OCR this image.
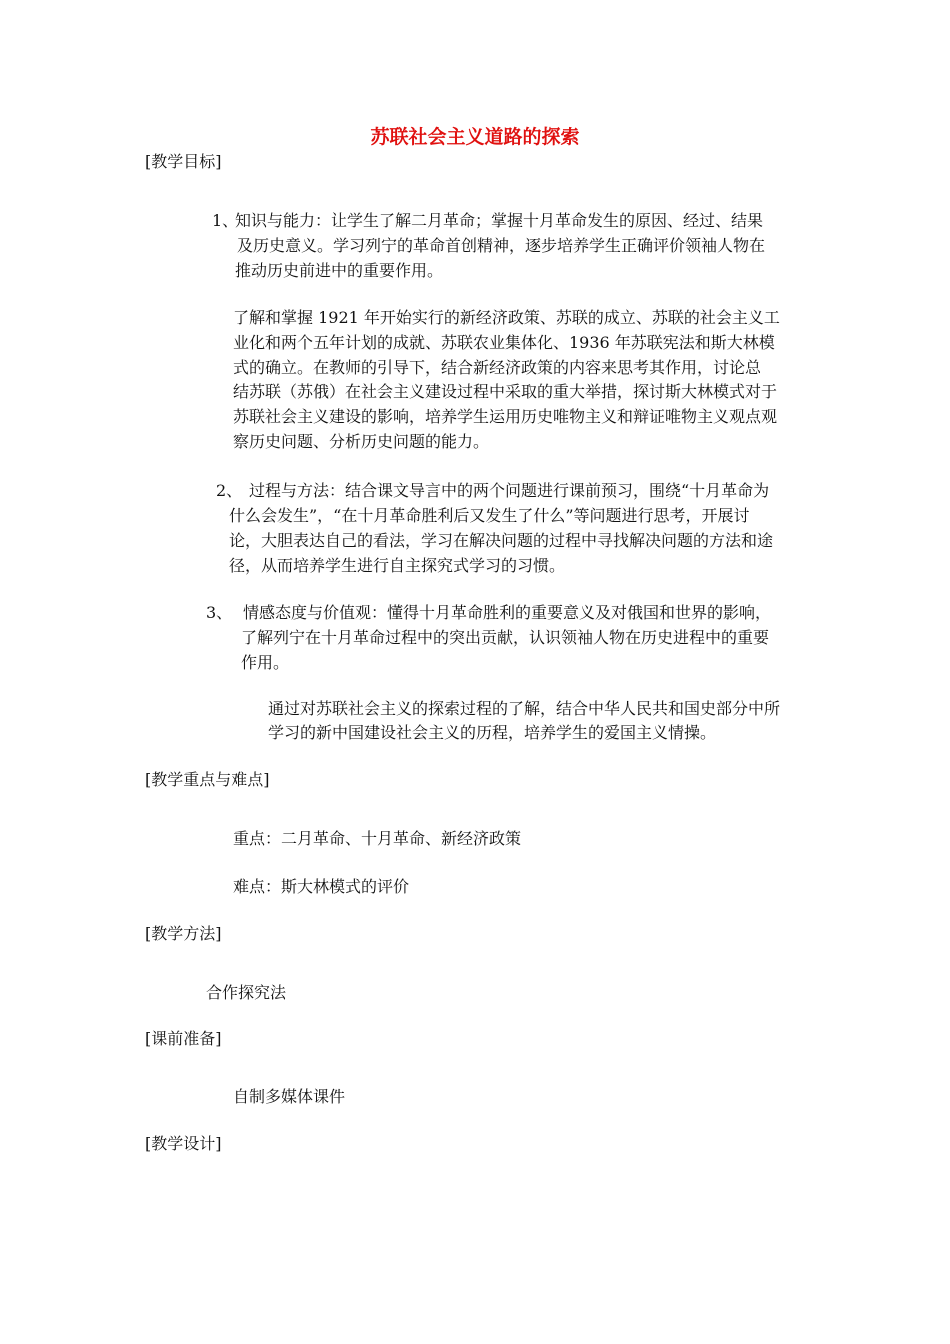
苏联社会主义道路的探索
[教学目标]
1、
知识与能力：让学生了解二月革命；掌握十月革命发生的原因、经过、结果
及历史意义。学习列宁的革命首创精神，逐步培养学生正确评价领袖人物在
推动历史前进中的重要作用。
了解和掌握 1921 年开始实行的新经济政策、苏联的成立、苏联的社会主义工
业化和两个五年计划的成就、苏联农业集体化、1936 年苏联宪法和斯大林模
式的确立。在教师的引导下，结合新经济政策的内容来思考其作用，讨论总
结苏联（苏俄）在社会主义建设过程中采取的重大举措，探讨斯大林模式对于
苏联社会主义建设的影响，培养学生运用历史唯物主义和辩证唯物主义观点观
察历史问题、分析历史问题的能力。
2、 过程与方法：结合课文导言中的两个问题进行课前预习，围绕“十月革命为
什么会发生”，“在十月革命胜利后又发生了什么”等问题进行思考，开展讨
论，大胆表达自己的看法，学习在解决问题的过程中寻找解决问题的方法和途
径，从而培养学生进行自主探究式学习的习惯。
3、 情感态度与价值观：懂得十月革命胜利的重要意义及对俄国和世界的影响，
了解列宁在十月革命过程中的突出贡献，认识领袖人物在历史进程中的重要
作用。
通过对苏联社会主义的探索过程的了解，结合中华人民共和国史部分中所
学习的新中国建设社会主义的历程，培养学生的爱国主义情操。
[教学重点与难点]
重点：二月革命、十月革命、新经济政策
难点：斯大林模式的评价
[教学方法]
合作探究法
[课前准备]
自制多媒体课件
[教学设计]
